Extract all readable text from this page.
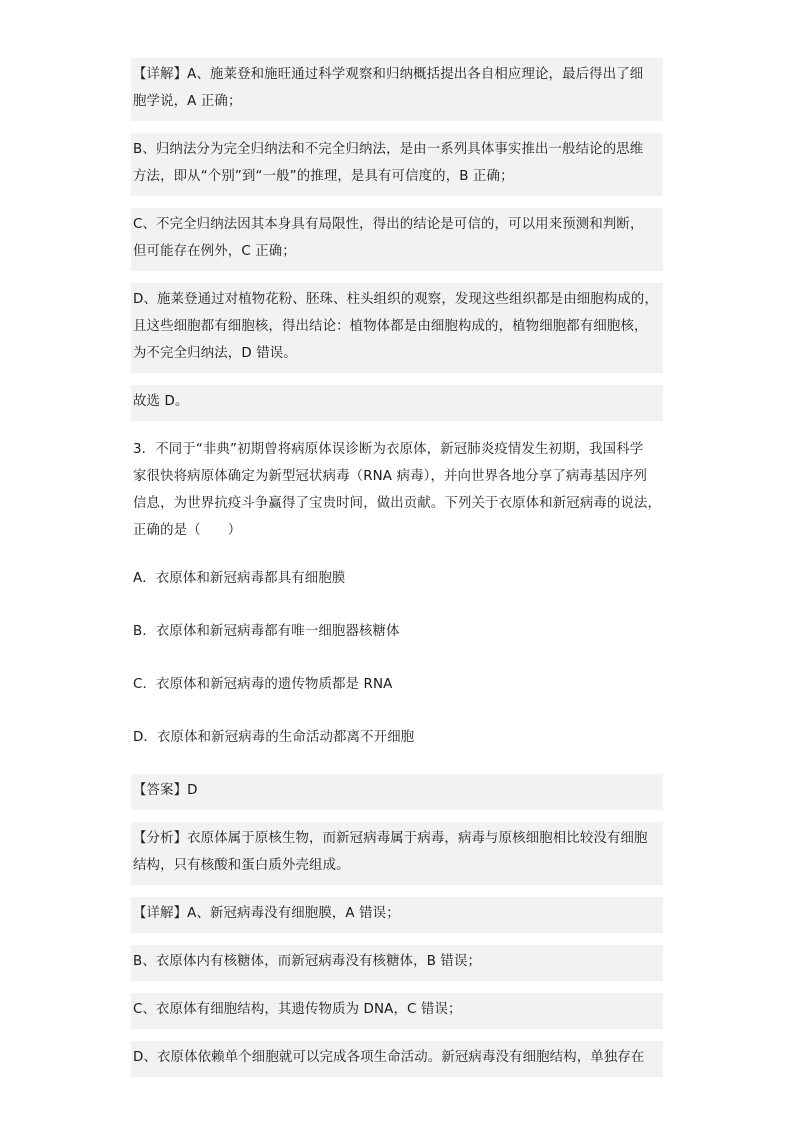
【详解】A、施莱登和施旺通过科学观察和归纳概括提出各自相应理论，最后得出了细
胞学说，A 正确；
B、归纳法分为完全归纳法和不完全归纳法，是由一系列具体事实推出一般结论的思维
方法，即从“个别”到“一般”的推理，是具有可信度的，B 正确；
C、不完全归纳法因其本身具有局限性，得出的结论是可信的，可以用来预测和判断，
但可能存在例外，C 正确；
D、施莱登通过对植物花粉、胚珠、柱头组织的观察，发现这些组织都是由细胞构成的，
且这些细胞都有细胞核，得出结论：植物体都是由细胞构成的，植物细胞都有细胞核，
为不完全归纳法，D 错误。
故选 D。
3．不同于“非典”初期曾将病原体误诊断为衣原体，新冠肺炎疫情发生初期，我国科学
家很快将病原体确定为新型冠状病毒（RNA 病毒），并向世界各地分享了病毒基因序列
信息，为世界抗疫斗争赢得了宝贵时间，做出贡献。下列关于衣原体和新冠病毒的说法，
正确的是（　　）
A．衣原体和新冠病毒都具有细胞膜
B．衣原体和新冠病毒都有唯一细胞器核糖体
C．衣原体和新冠病毒的遗传物质都是 RNA
D．衣原体和新冠病毒的生命活动都离不开细胞
【答案】D
【分析】衣原体属于原核生物，而新冠病毒属于病毒，病毒与原核细胞相比较没有细胞
结构，只有核酸和蛋白质外壳组成。
【详解】A、新冠病毒没有细胞膜，A 错误；
B、衣原体内有核糖体，而新冠病毒没有核糖体，B 错误；
C、衣原体有细胞结构，其遗传物质为 DNA，C 错误；
D、衣原体依赖单个细胞就可以完成各项生命活动。新冠病毒没有细胞结构，单独存在
